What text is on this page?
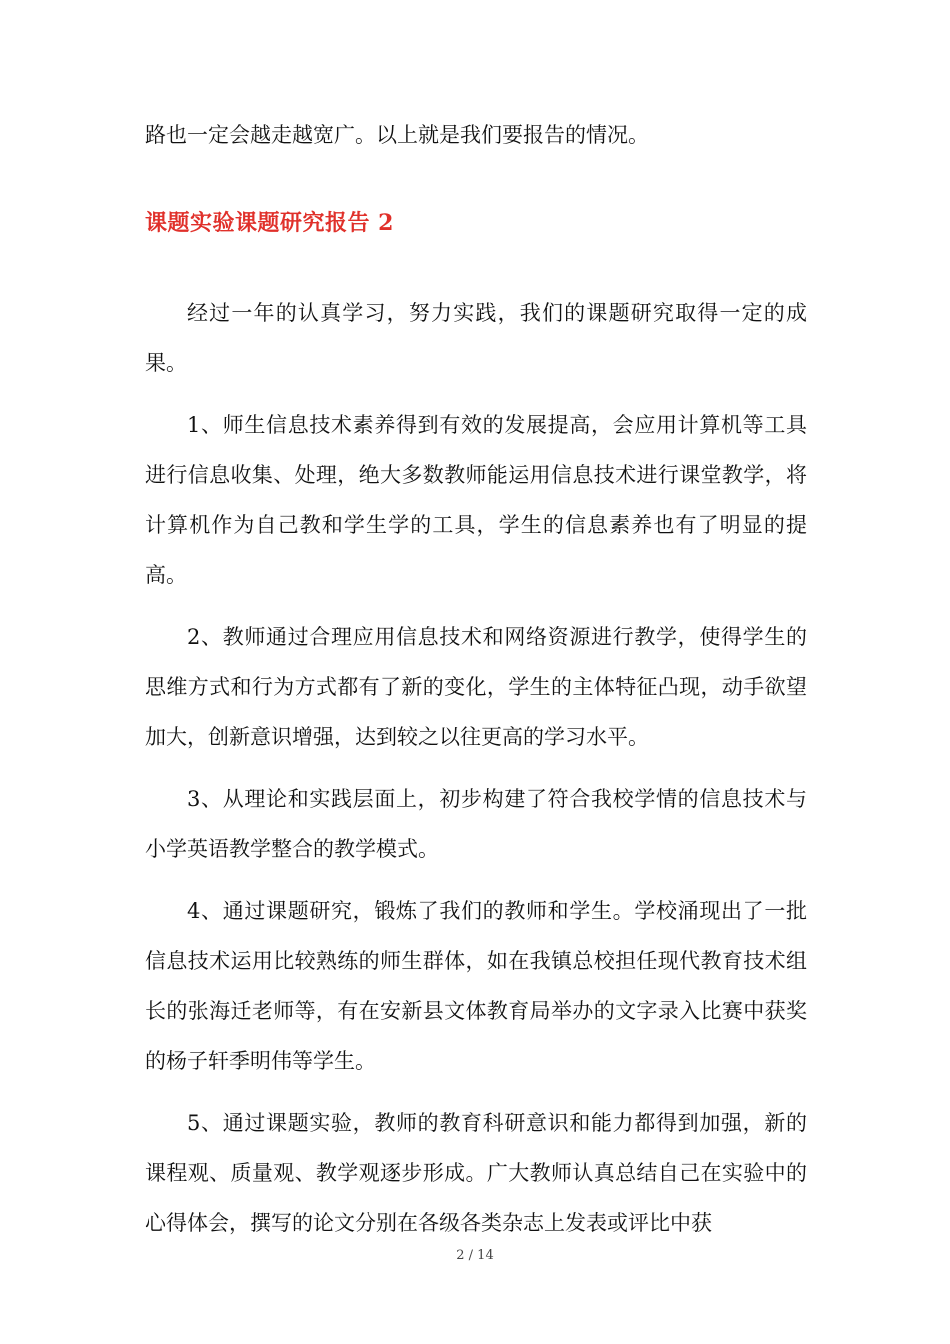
路也一定会越走越宽广。以上就是我们要报告的情况。

课题实验课题研究报告 2

经过一年的认真学习，努力实践，我们的课题研究取得一定的成果。

1、师生信息技术素养得到有效的发展提高，会应用计算机等工具进行信息收集、处理，绝大多数教师能运用信息技术进行课堂教学，将计算机作为自己教和学生学的工具，学生的信息素养也有了明显的提高。

2、教师通过合理应用信息技术和网络资源进行教学，使得学生的思维方式和行为方式都有了新的变化，学生的主体特征凸现，动手欲望加大，创新意识增强，达到较之以往更高的学习水平。

3、从理论和实践层面上，初步构建了符合我校学情的信息技术与小学英语教学整合的教学模式。

4、通过课题研究，锻炼了我们的教师和学生。学校涌现出了一批信息技术运用比较熟练的师生群体，如在我镇总校担任现代教育技术组长的张海迁老师等，有在安新县文体教育局举办的文字录入比赛中获奖的杨子轩季明伟等学生。

5、通过课题实验，教师的教育科研意识和能力都得到加强，新的课程观、质量观、教学观逐步形成。广大教师认真总结自己在实验中的心得体会，撰写的论文分别在各级各类杂志上发表或评比中获

2 / 14
